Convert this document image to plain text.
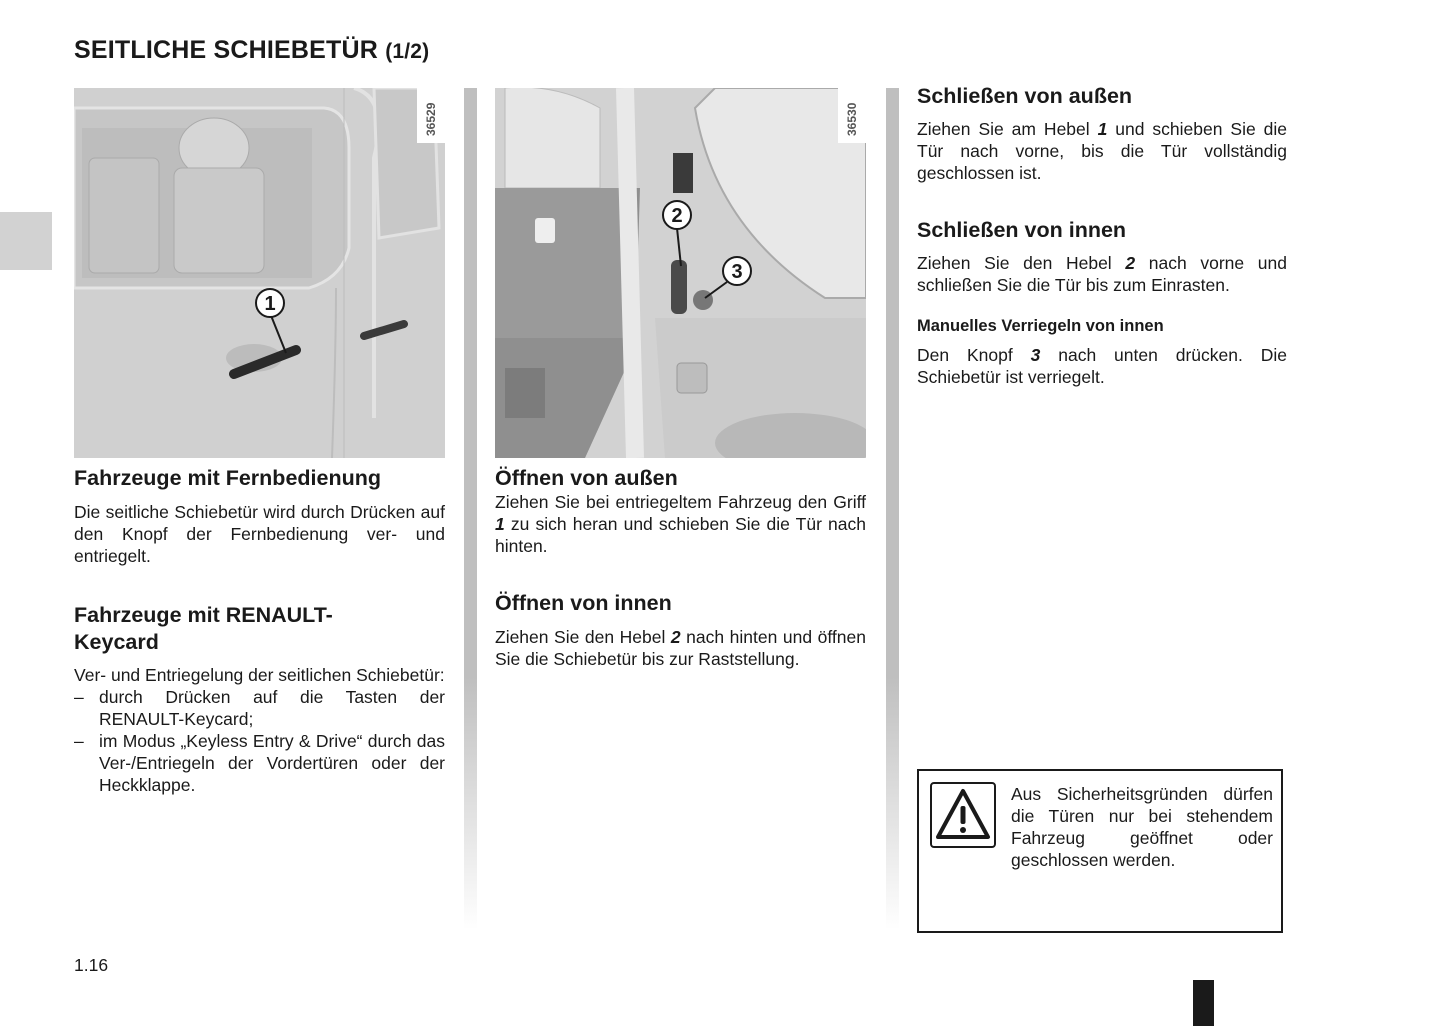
SEITLICHE SCHIEBETÜR (1/2)
1
36529
2
3
36530
Fahrzeuge mit Fernbedienung

Die seitliche Schiebetür wird durch Drücken auf den Knopf der Fernbedienung ver- und entriegelt.

Fahrzeuge mit RENAULT-
Keycard

Ver- und Entriegelung der seitlichen Schiebetür:

– durch Drücken auf die Tasten der RENAULT-Keycard;
– im Modus „Keyless Entry & Drive“ durch das Ver-/Entriegeln der Vordertüren oder der Heckklappe.
Öffnen von außen

Ziehen Sie bei entriegeltem Fahrzeug den Griff 1 zu sich heran und schieben Sie die Tür nach hinten.

Öffnen von innen

Ziehen Sie den Hebel 2 nach hinten und öffnen Sie die Schiebetür bis zur Raststellung.

Schließen von außen

Ziehen Sie am Hebel 1 und schieben Sie die Tür nach vorne, bis die Tür vollständig geschlossen ist.

Schließen von innen

Ziehen Sie den Hebel 2 nach vorne und schließen Sie die Tür bis zum Einrasten.

Manuelles Verriegeln von innen

Den Knopf 3 nach unten drücken. Die Schiebetür ist verriegelt.

Aus Sicherheitsgründen dürfen die Türen nur bei stehendem Fahrzeug geöffnet oder geschlossen werden.

1.16
